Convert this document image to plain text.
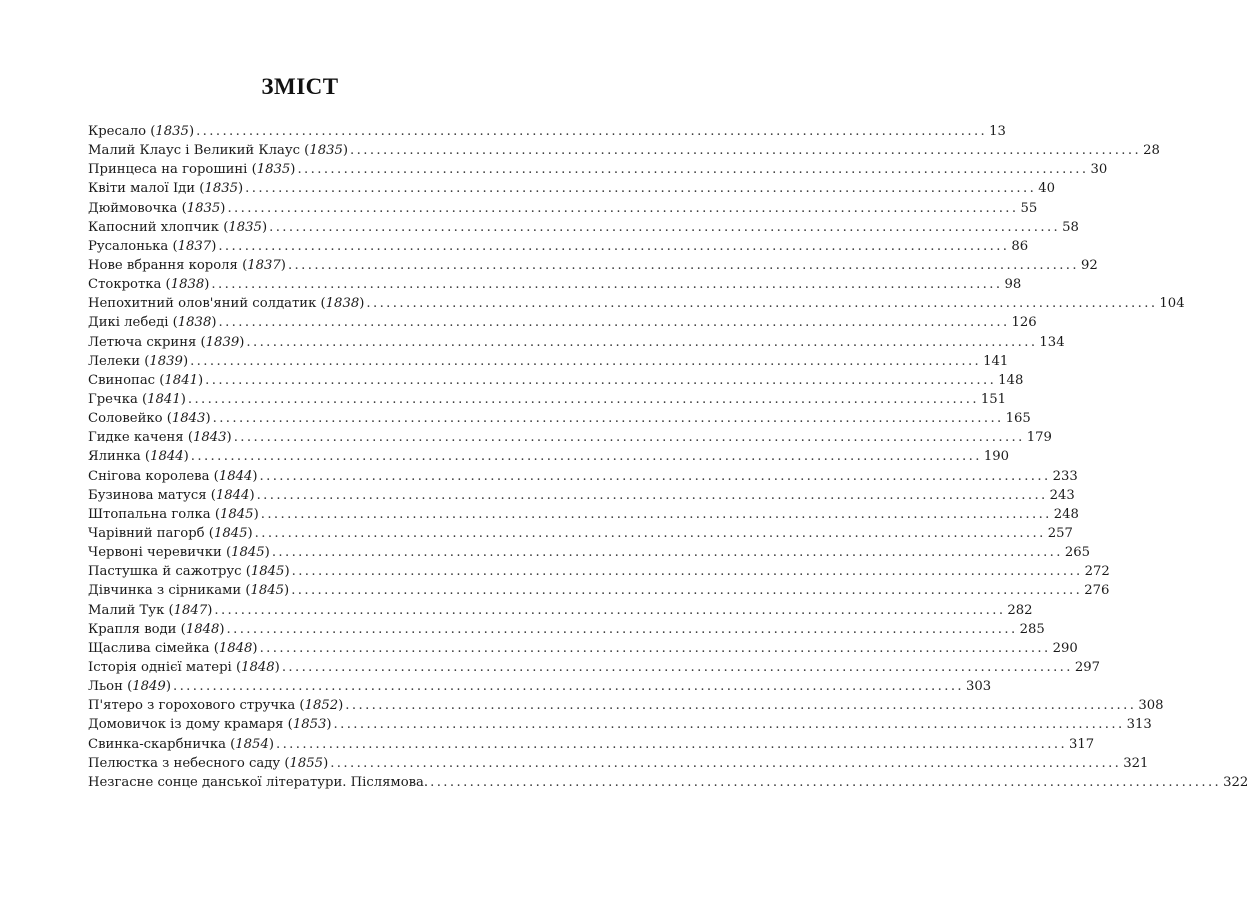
ЗМІСТ
Кресало (1835) ........................................................................................................................ 13
Малий Клаус і Великий Клаус (1835) ........................................................................................................................ 28
Принцеса на горошині (1835) ........................................................................................................................ 30
Квіти малої Іди (1835) ........................................................................................................................ 40
Дюймовочка (1835) ........................................................................................................................ 55
Капосний хлопчик (1835) ........................................................................................................................ 58
Русалонька (1837) ........................................................................................................................ 86
Нове вбрання короля (1837) ........................................................................................................................ 92
Стокротка (1838) ........................................................................................................................ 98
Непохитний олов'яний солдатик (1838) ........................................................................................................................ 104
Дикі лебеді (1838) ........................................................................................................................ 126
Летюча скриня (1839) ........................................................................................................................ 134
Лелеки (1839) ........................................................................................................................ 141
Свинопас (1841) ........................................................................................................................ 148
Гречка (1841) ........................................................................................................................ 151
Соловейко (1843) ........................................................................................................................ 165
Гидке каченя (1843) ........................................................................................................................ 179
Ялинка (1844) ........................................................................................................................ 190
Снігова королева (1844) ........................................................................................................................ 233
Бузинова матуся (1844) ........................................................................................................................ 243
Штопальна голка (1845) ........................................................................................................................ 248
Чарівний пагорб (1845) ........................................................................................................................ 257
Червоні черевички (1845) ........................................................................................................................ 265
Пастушка й сажотрус (1845) ........................................................................................................................ 272
Дівчинка з сірниками (1845) ........................................................................................................................ 276
Малий Тук (1847) ........................................................................................................................ 282
Крапля води (1848) ........................................................................................................................ 285
Щаслива сімейка (1848) ........................................................................................................................ 290
Історія однієї матері (1848) ........................................................................................................................ 297
Льон (1849) ........................................................................................................................ 303
П'ятеро з горохового стручка (1852) ........................................................................................................................ 308
Домовичок із дому крамаря (1853) ........................................................................................................................ 313
Свинка-скарбничка (1854) ........................................................................................................................ 317
Пелюстка з небесного саду (1855) ........................................................................................................................ 321
Незгасне сонце данської літератури. Післямова. ........................................................................................................................ 322
